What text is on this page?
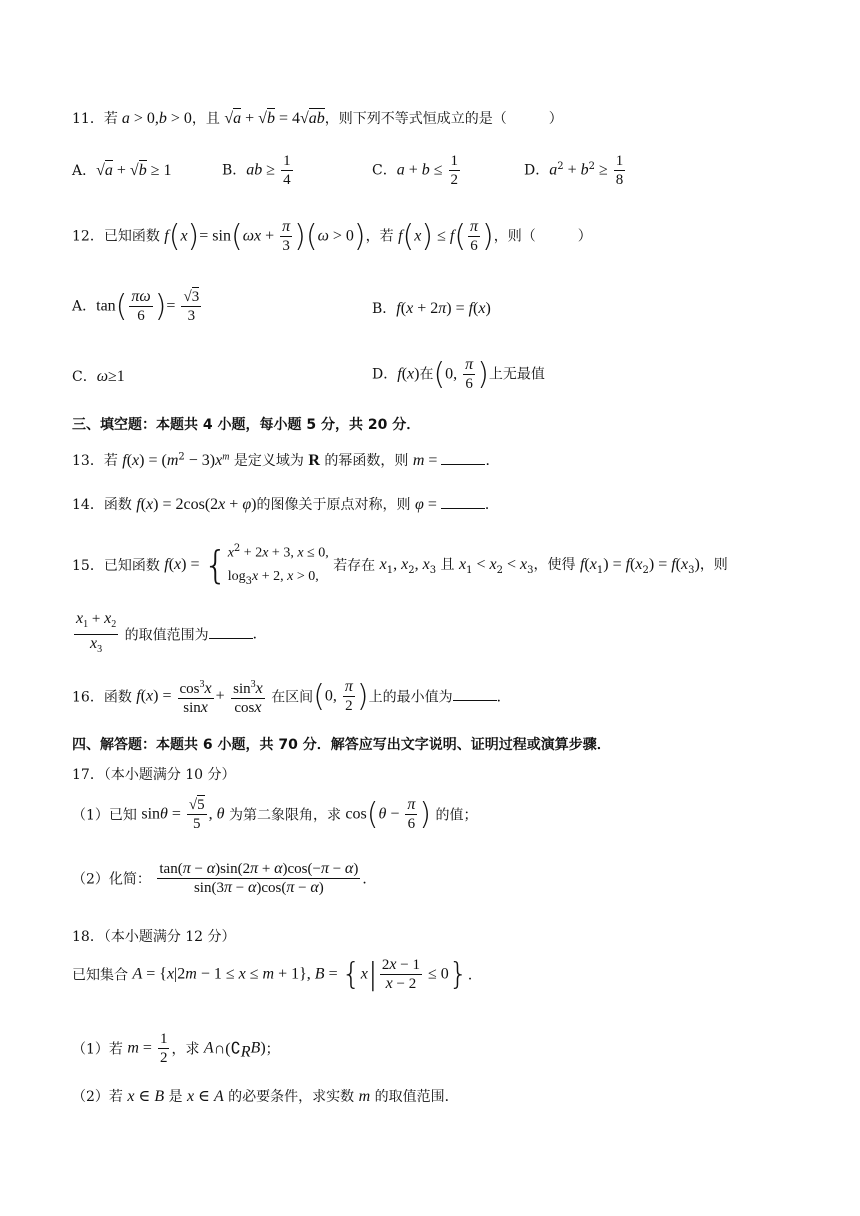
11．若 a > 0,b > 0，且 √a + √b = 4√ab，则下列不等式恒成立的是（　　　）
A．√a + √b ≥ 1	B．ab ≥ $\frac{1}{4}$	C．$a + b \le \frac{1}{2}$	D．$a^2 + b^2 \ge \frac{1}{8}$
12．已知函数 $f(x)= \sin(\omega x + \frac{\pi}{3} )(\omega > 0)$，若 $f(x) \le f( \frac{\pi}{6}$ )，则（　　　）
A．$\tan( \frac{\pi\omega}{6}$ )= $\frac{√3}{3}$	B．f(x + 2π) = f(x)
C．ω≥1	D．f(x)在(0, $\frac{\pi}{6}$ )上无最值
三、填空题：本题共 4 小题，每小题 5 分，共 20 分．
13．若 $f(x) = (m^2 - 3)x^m$ 是定义域为 R 的幂函数，则 m =	．
14．函数 f(x) = 2cos(2x + φ)的图像关于原点对称，则 φ =	．
15．已知函数 f(x) = { $x^2 + 2x + 3$, x ≤ 0,
$\log_3x + 2$, x > 0,
若存在 $x_1$, $x_2$, $x_3$ 且 $x_1 < x_2 < x_3$，使得 $f(x_1) = f(x_2) = f(x_3)$，则
$\frac{x_1 + x_2}{x_3}$ 的取值范围为	．
16．函数 $f(x) = \frac{\cos^3x}{\sin x} + \frac{\sin^3x}{\cos x}$ 在区间(0, $\frac{\pi}{2}$ )上的最小值为	．
四、解答题：本题共 6 小题，共 70 分．解答应写出文字说明、证明过程或演算步骤．
17．（本小题满分 10 分）
（1）已知 $\sin\theta = \frac{√5}{5}$ , θ 为第二象限角，求 $\cos(\theta - \frac{\pi}{6}$ ) 的值；
（2）化简： $\frac{\tan(\pi - \alpha)\sin(2\pi + \alpha)\cos(-\pi - \alpha)}{\sin(3\pi - \alpha)\cos(\pi - \alpha)}$ ．
18．（本小题满分 12 分）
已知集合 A = {x|2m − 1 ≤ x ≤ m + 1}, $B = \{x| \frac{2x - 1}{x - 2} \le 0\}$．
（1）若 $m = \frac{1}{2}$ ，求 $A\cap(∁_RB)$；
（2）若 x ∈ B 是 x ∈ A 的必要条件，求实数 m 的取值范围．
